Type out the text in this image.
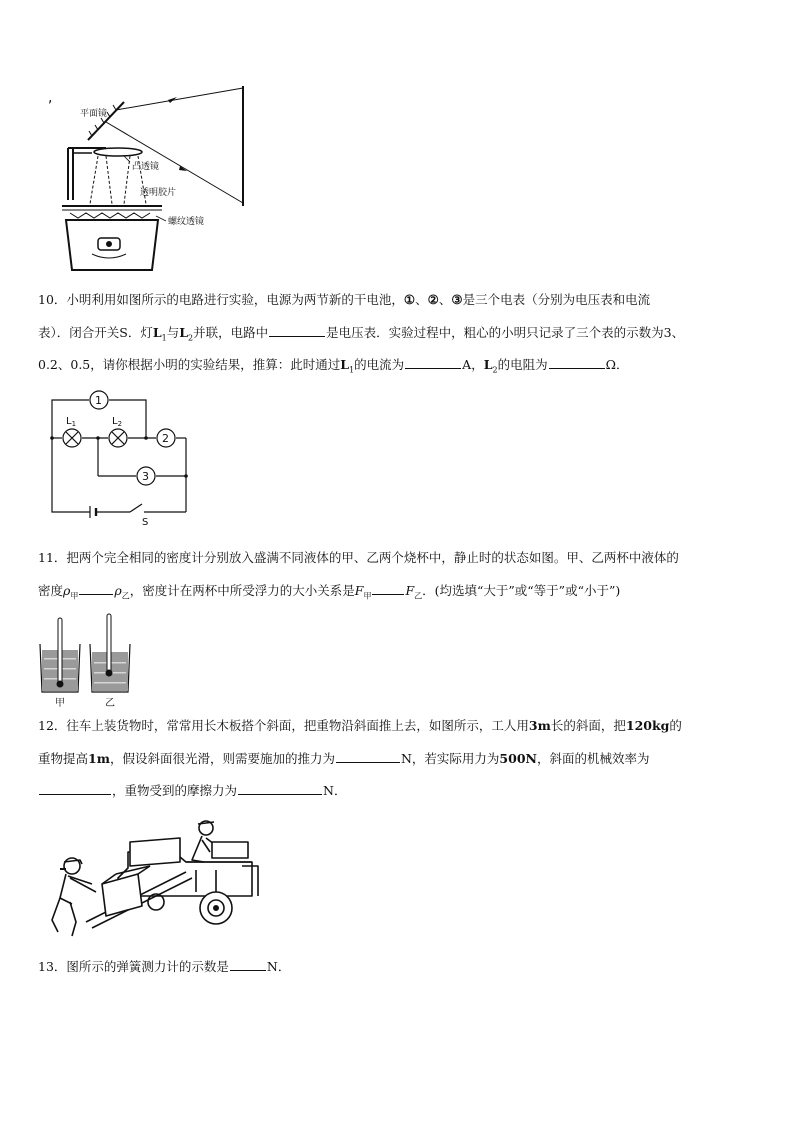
,
平面镜
凸透镜
透明胶片
螺纹透镜
10．小明利用如图所示的电路进行实验，电源为两节新的干电池，①、②、③是三个电表（分别为电压表和电流
表）．闭合开关S．灯$L_1$与$L_2$并联，电路中	是电压表．实验过程中，粗心的小明只记录了三个表的示数为3、
0.2、0.5，请你根据小明的实验结果，推算：此时通过$L_1$的电流为	A，$L_2$的电阻为	Ω．
1
2
3
$L_1$	$L_2$
S
11．把两个完全相同的密度计分别放入盛满不同液体的甲、乙两个烧杯中，静止时的状态如图。甲、乙两杯中液体的
密度$\rho_甲$	$\rho_乙$，密度计在两杯中所受浮力的大小关系是$F_甲$	$F_乙$．(均选填“大于”或“等于”或“小于”)
甲	乙
12．往车上装货物时，常常用长木板搭个斜面，把重物沿斜面推上去，如图所示，工人用3m长的斜面，把120kg的
重物提高1m，假设斜面很光滑，则需要施加的推力为	N，若实际用力为500N，斜面的机械效率为
，重物受到的摩擦力为	N．
13．图所示的弹簧测力计的示数是	N．
